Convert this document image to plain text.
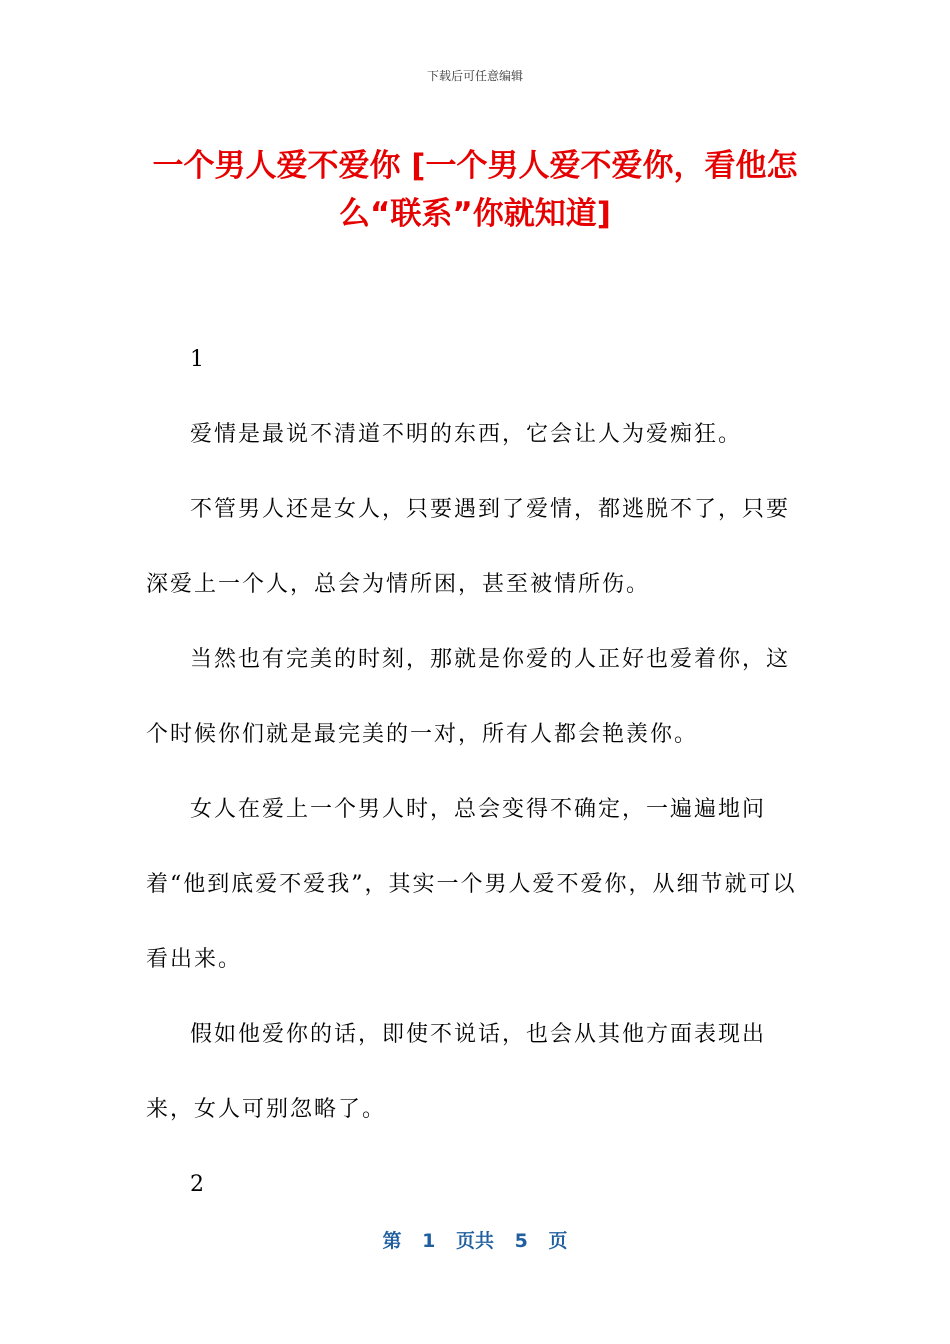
下载后可任意编辑
一个男人爱不爱你 [一个男人爱不爱你，看他怎么“联系”你就知道]

1

爱情是最说不清道不明的东西，它会让人为爱痴狂。

不管男人还是女人，只要遇到了爱情，都逃脱不了，只要深爱上一个人，总会为情所困，甚至被情所伤。

当然也有完美的时刻，那就是你爱的人正好也爱着你，这个时候你们就是最完美的一对，所有人都会艳羡你。

女人在爱上一个男人时，总会变得不确定，一遍遍地问着“他到底爱不爱我”，其实一个男人爱不爱你，从细节就可以看出来。

假如他爱你的话，即使不说话，也会从其他方面表现出来，女人可别忽略了。

2

第 1 页共 5 页
